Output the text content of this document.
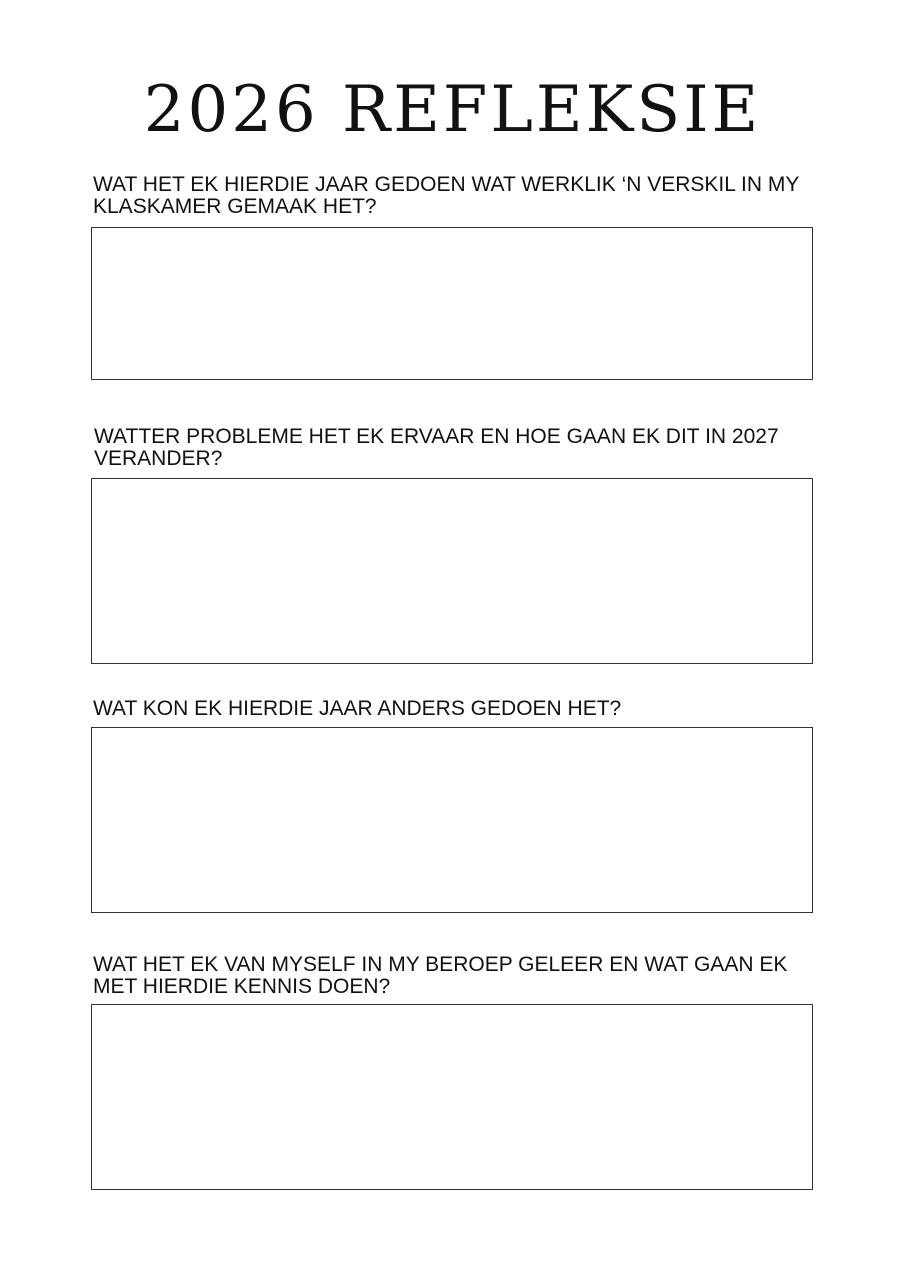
2026 REFLEKSIE

WAT HET EK HIERDIE JAAR GEDOEN WAT WERKLIK ‘N VERSKIL IN MY KLASKAMER GEMAAK HET?

WATTER PROBLEME HET EK ERVAAR EN HOE GAAN EK DIT IN 2027 VERANDER?

WAT KON EK HIERDIE JAAR ANDERS GEDOEN HET?

WAT HET EK VAN MYSELF IN MY BEROEP GELEER EN WAT GAAN EK MET HIERDIE KENNIS DOEN?
